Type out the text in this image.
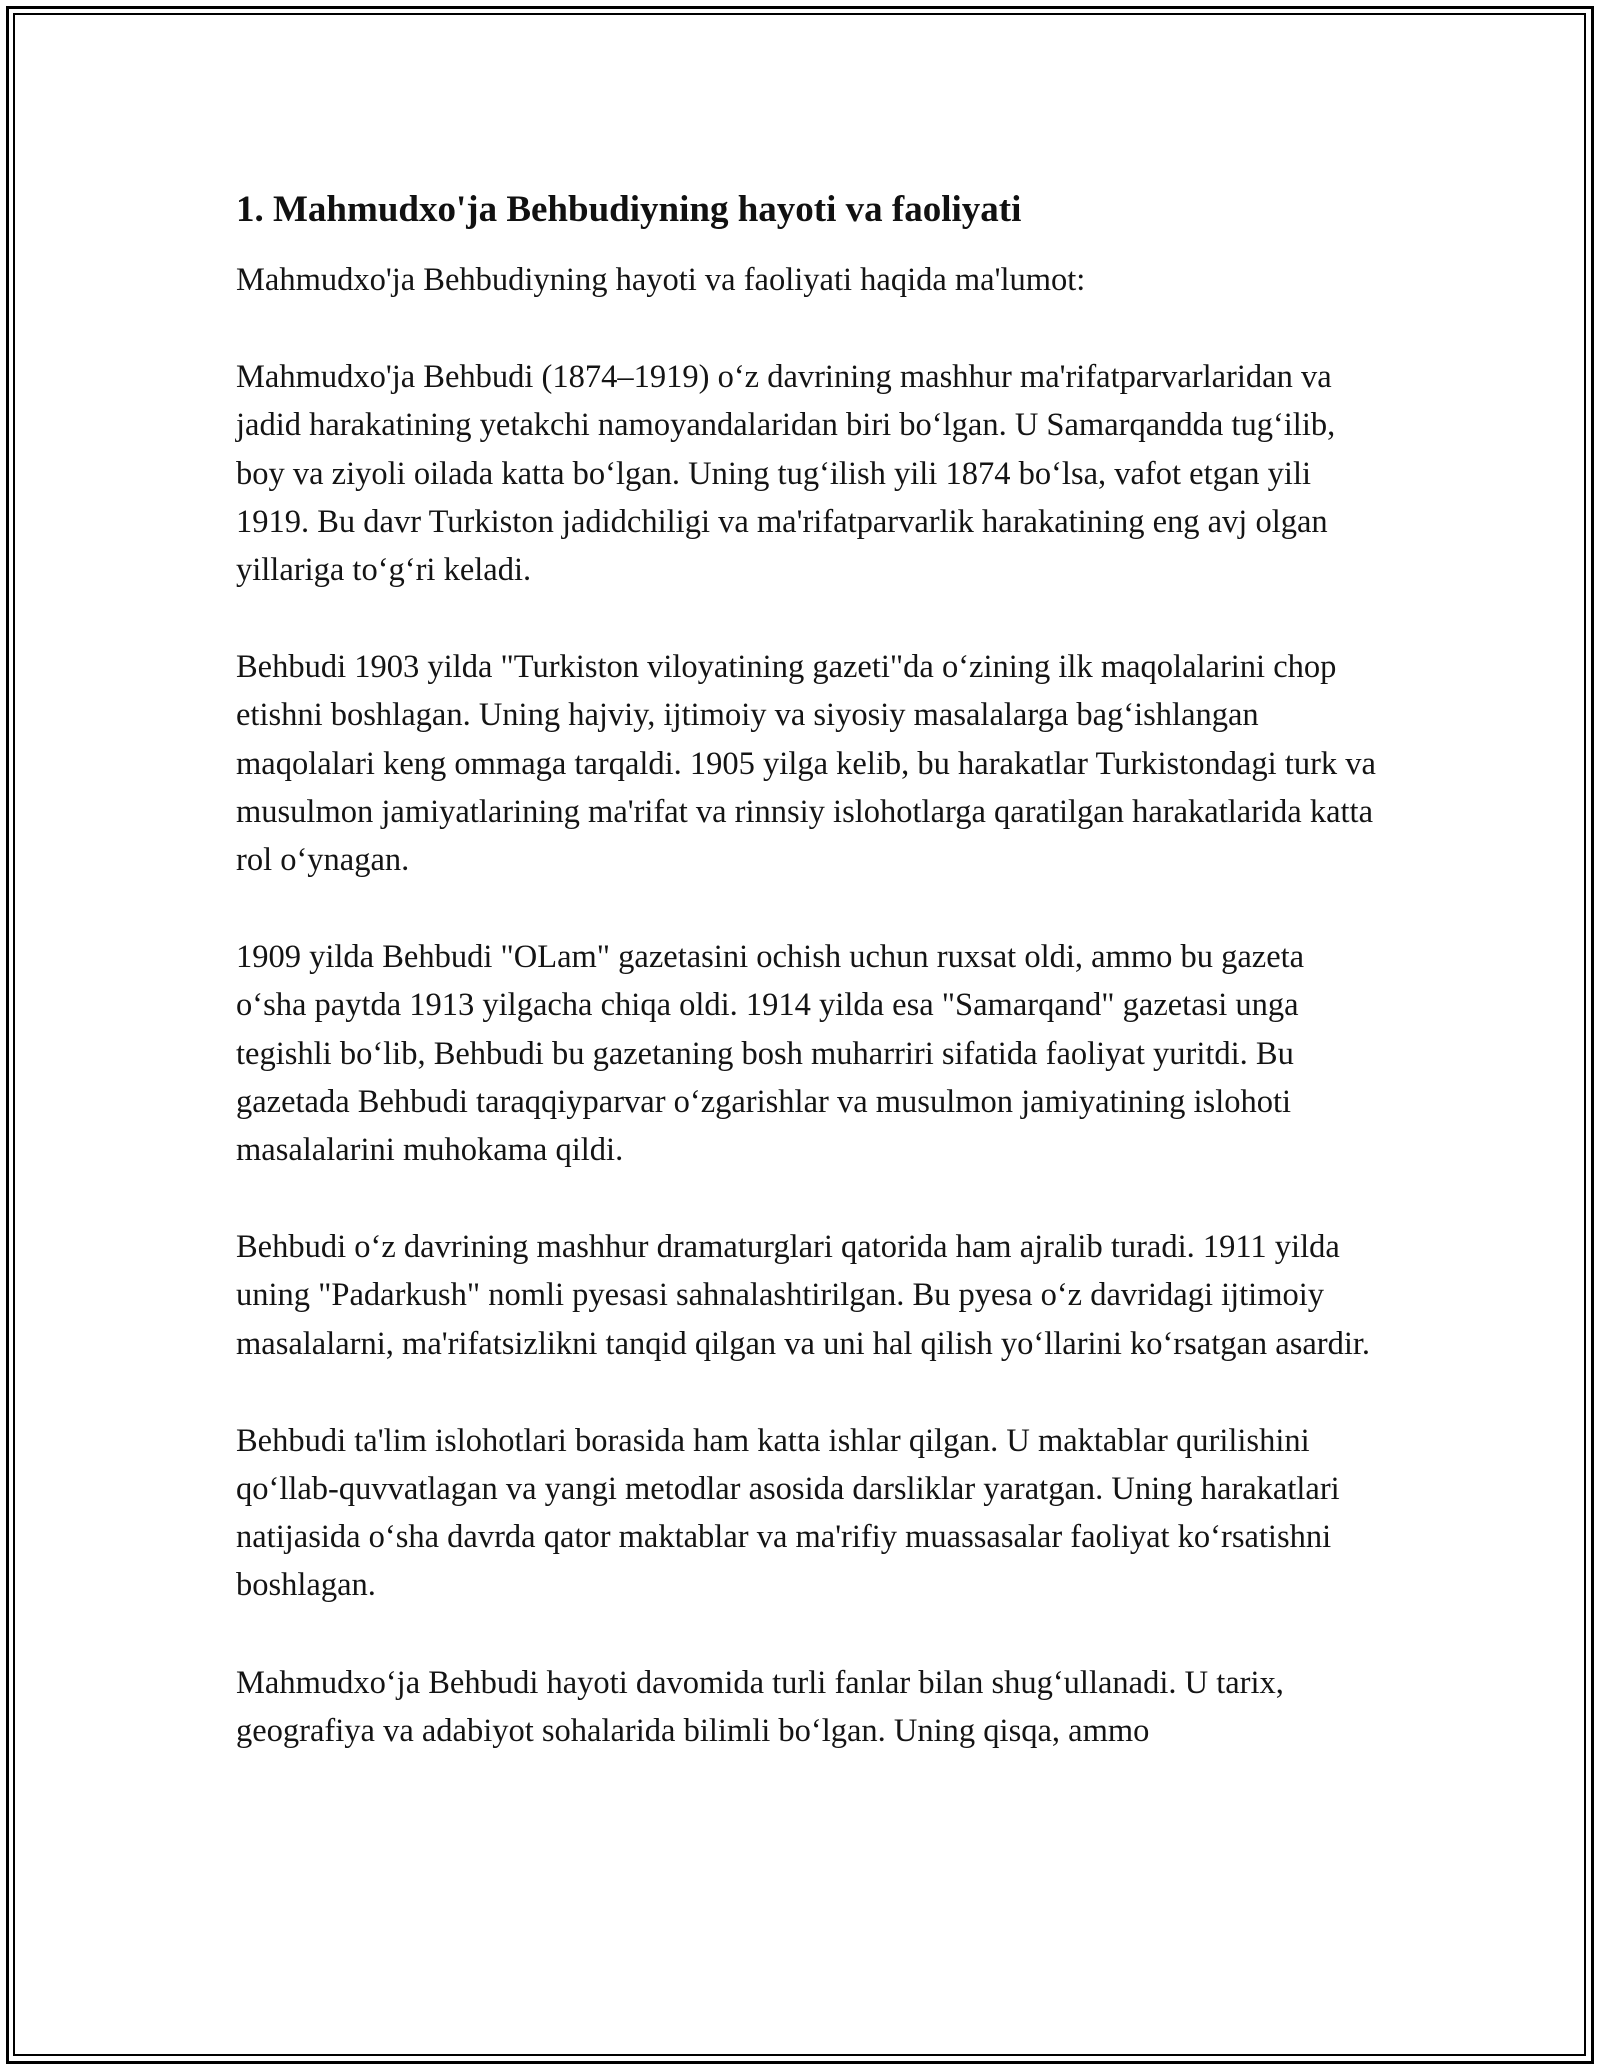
1. Mahmudxo'ja Behbudiyning hayoti va faoliyati

Mahmudxo'ja Behbudiyning hayoti va faoliyati haqida ma'lumot:

Mahmudxo'ja Behbudi (1874–1919) o‘z davrining mashhur ma'rifatparvarlaridan va jadid harakatining yetakchi namoyandalaridan biri bo‘lgan. U Samarqandda tug‘ilib, boy va ziyoli oilada katta bo‘lgan. Uning tug‘ilish yili 1874 bo‘lsa, vafot etgan yili 1919. Bu davr Turkiston jadidchiligi va ma'rifatparvarlik harakatining eng avj olgan yillariga to‘g‘ri keladi.

Behbudi 1903 yilda "Turkiston viloyatining gazeti"da o‘zining ilk maqolalarini chop etishni boshlagan. Uning hajviy, ijtimoiy va siyosiy masalalarga bag‘ishlangan maqolalari keng ommaga tarqaldi. 1905 yilga kelib, bu harakatlar Turkistondagi turk va musulmon jamiyatlarining ma'rifat va rinnsiy islohotlarga qaratilgan harakatlarida katta rol o‘ynagan.

1909 yilda Behbudi "OLam" gazetasini ochish uchun ruxsat oldi, ammo bu gazeta o‘sha paytda 1913 yilgacha chiqa oldi. 1914 yilda esa "Samarqand" gazetasi unga tegishli bo‘lib, Behbudi bu gazetaning bosh muharriri sifatida faoliyat yuritdi. Bu gazetada Behbudi taraqqiyparvar o‘zgarishlar va musulmon jamiyatining islohoti masalalarini muhokama qildi.

Behbudi o‘z davrining mashhur dramaturglari qatorida ham ajralib turadi. 1911 yilda uning "Padarkush" nomli pyesasi sahnalashtirilgan. Bu pyesa o‘z davridagi ijtimoiy masalalarni, ma'rifatsizlikni tanqid qilgan va uni hal qilish yo‘llarini ko‘rsatgan asardir.

Behbudi ta'lim islohotlari borasida ham katta ishlar qilgan. U maktablar qurilishini qo‘llab-quvvatlagan va yangi metodlar asosida darsliklar yaratgan. Uning harakatlari natijasida o‘sha davrda qator maktablar va ma'rifiy muassasalar faoliyat ko‘rsatishni boshlagan.

Mahmudxo‘ja Behbudi hayoti davomida turli fanlar bilan shug‘ullanadi. U tarix, geografiya va adabiyot sohalarida bilimli bo‘lgan. Uning qisqa, ammo
